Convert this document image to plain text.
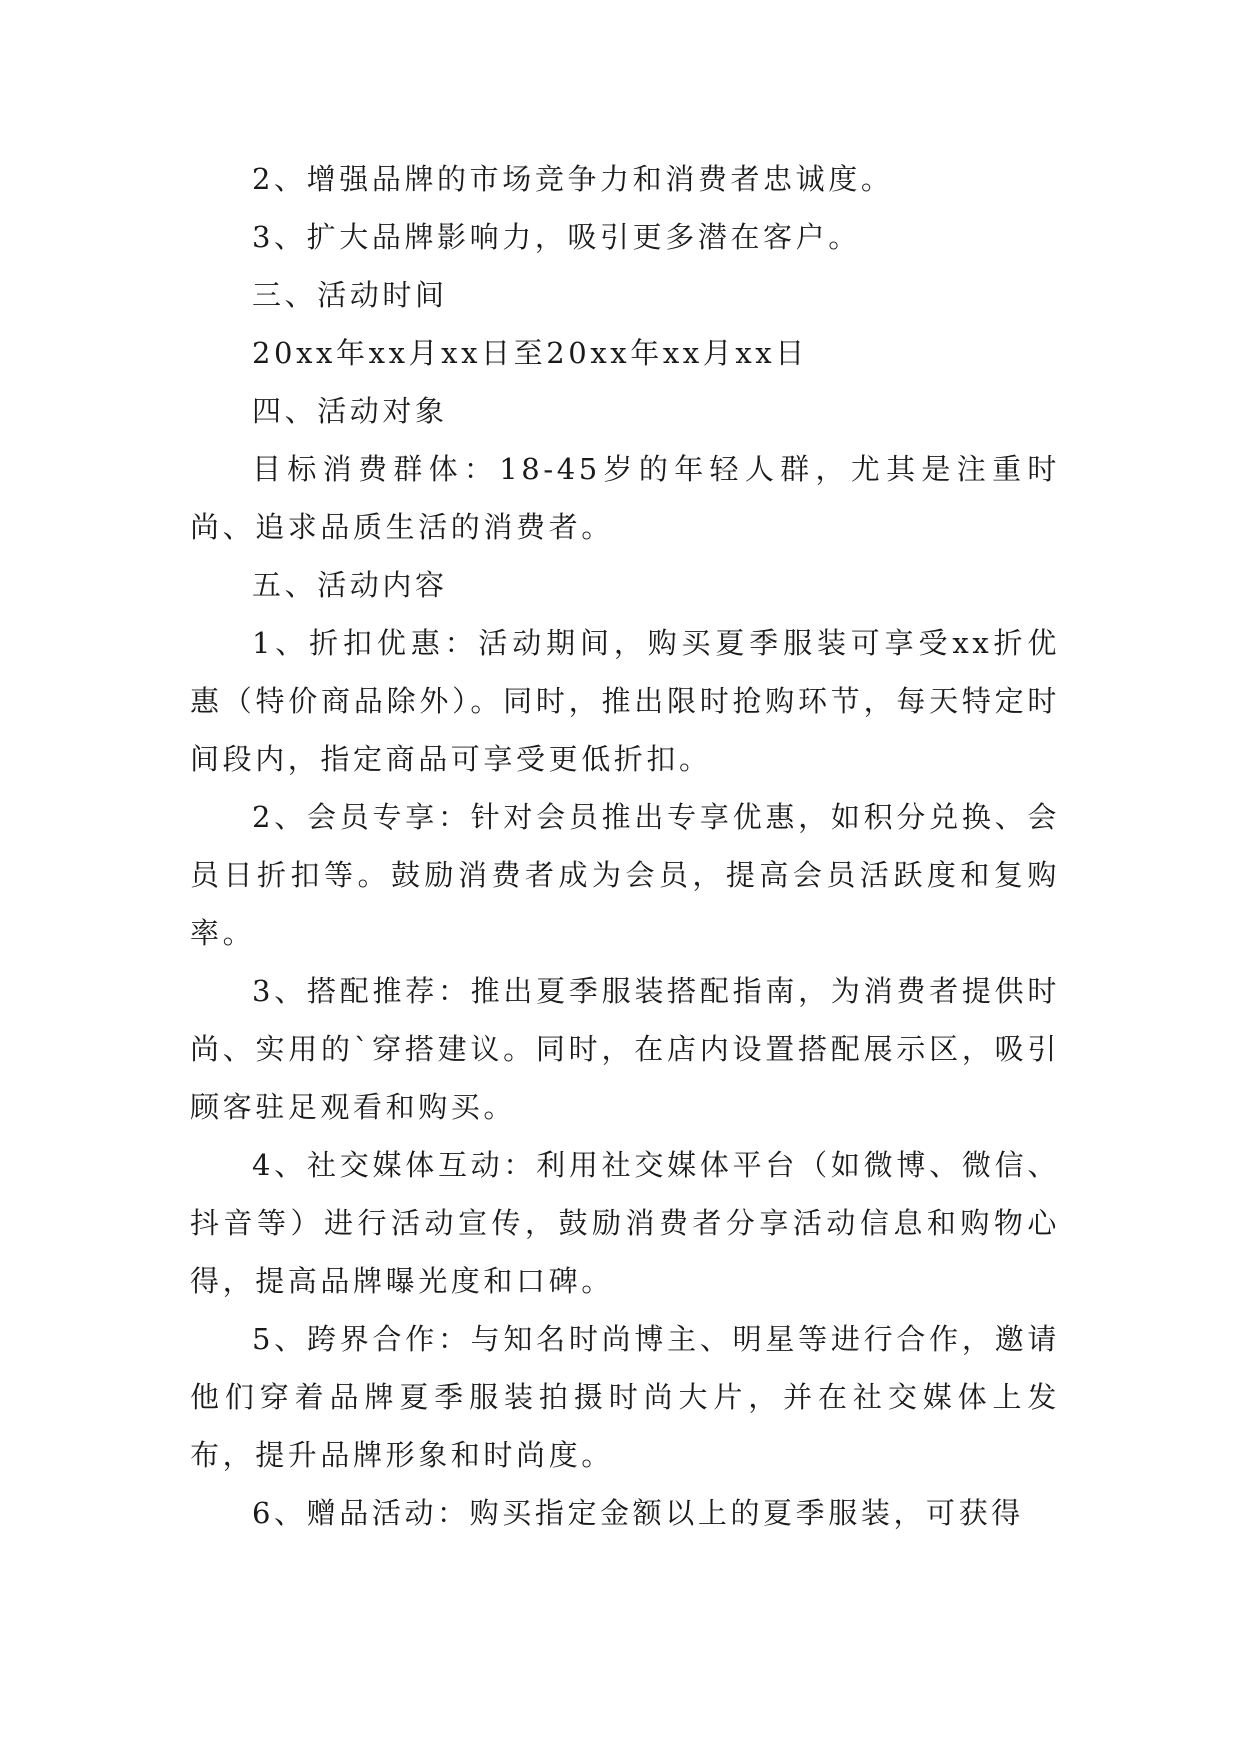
2、增强品牌的市场竞争力和消费者忠诚度。

3、扩大品牌影响力，吸引更多潜在客户。

三、活动时间

20xx年xx月xx日至20xx年xx月xx日

四、活动对象

目标消费群体：18-45岁的年轻人群，尤其是注重时尚、追求品质生活的消费者。

五、活动内容

1、折扣优惠：活动期间，购买夏季服装可享受xx折优惠（特价商品除外）。同时，推出限时抢购环节，每天特定时间段内，指定商品可享受更低折扣。

2、会员专享：针对会员推出专享优惠，如积分兑换、会员日折扣等。鼓励消费者成为会员，提高会员活跃度和复购率。

3、搭配推荐：推出夏季服装搭配指南，为消费者提供时尚、实用的`穿搭建议。同时，在店内设置搭配展示区，吸引顾客驻足观看和购买。

4、社交媒体互动：利用社交媒体平台（如微博、微信、抖音等）进行活动宣传，鼓励消费者分享活动信息和购物心得，提高品牌曝光度和口碑。

5、跨界合作：与知名时尚博主、明星等进行合作，邀请他们穿着品牌夏季服装拍摄时尚大片，并在社交媒体上发布，提升品牌形象和时尚度。

6、赠品活动：购买指定金额以上的夏季服装，可获得
